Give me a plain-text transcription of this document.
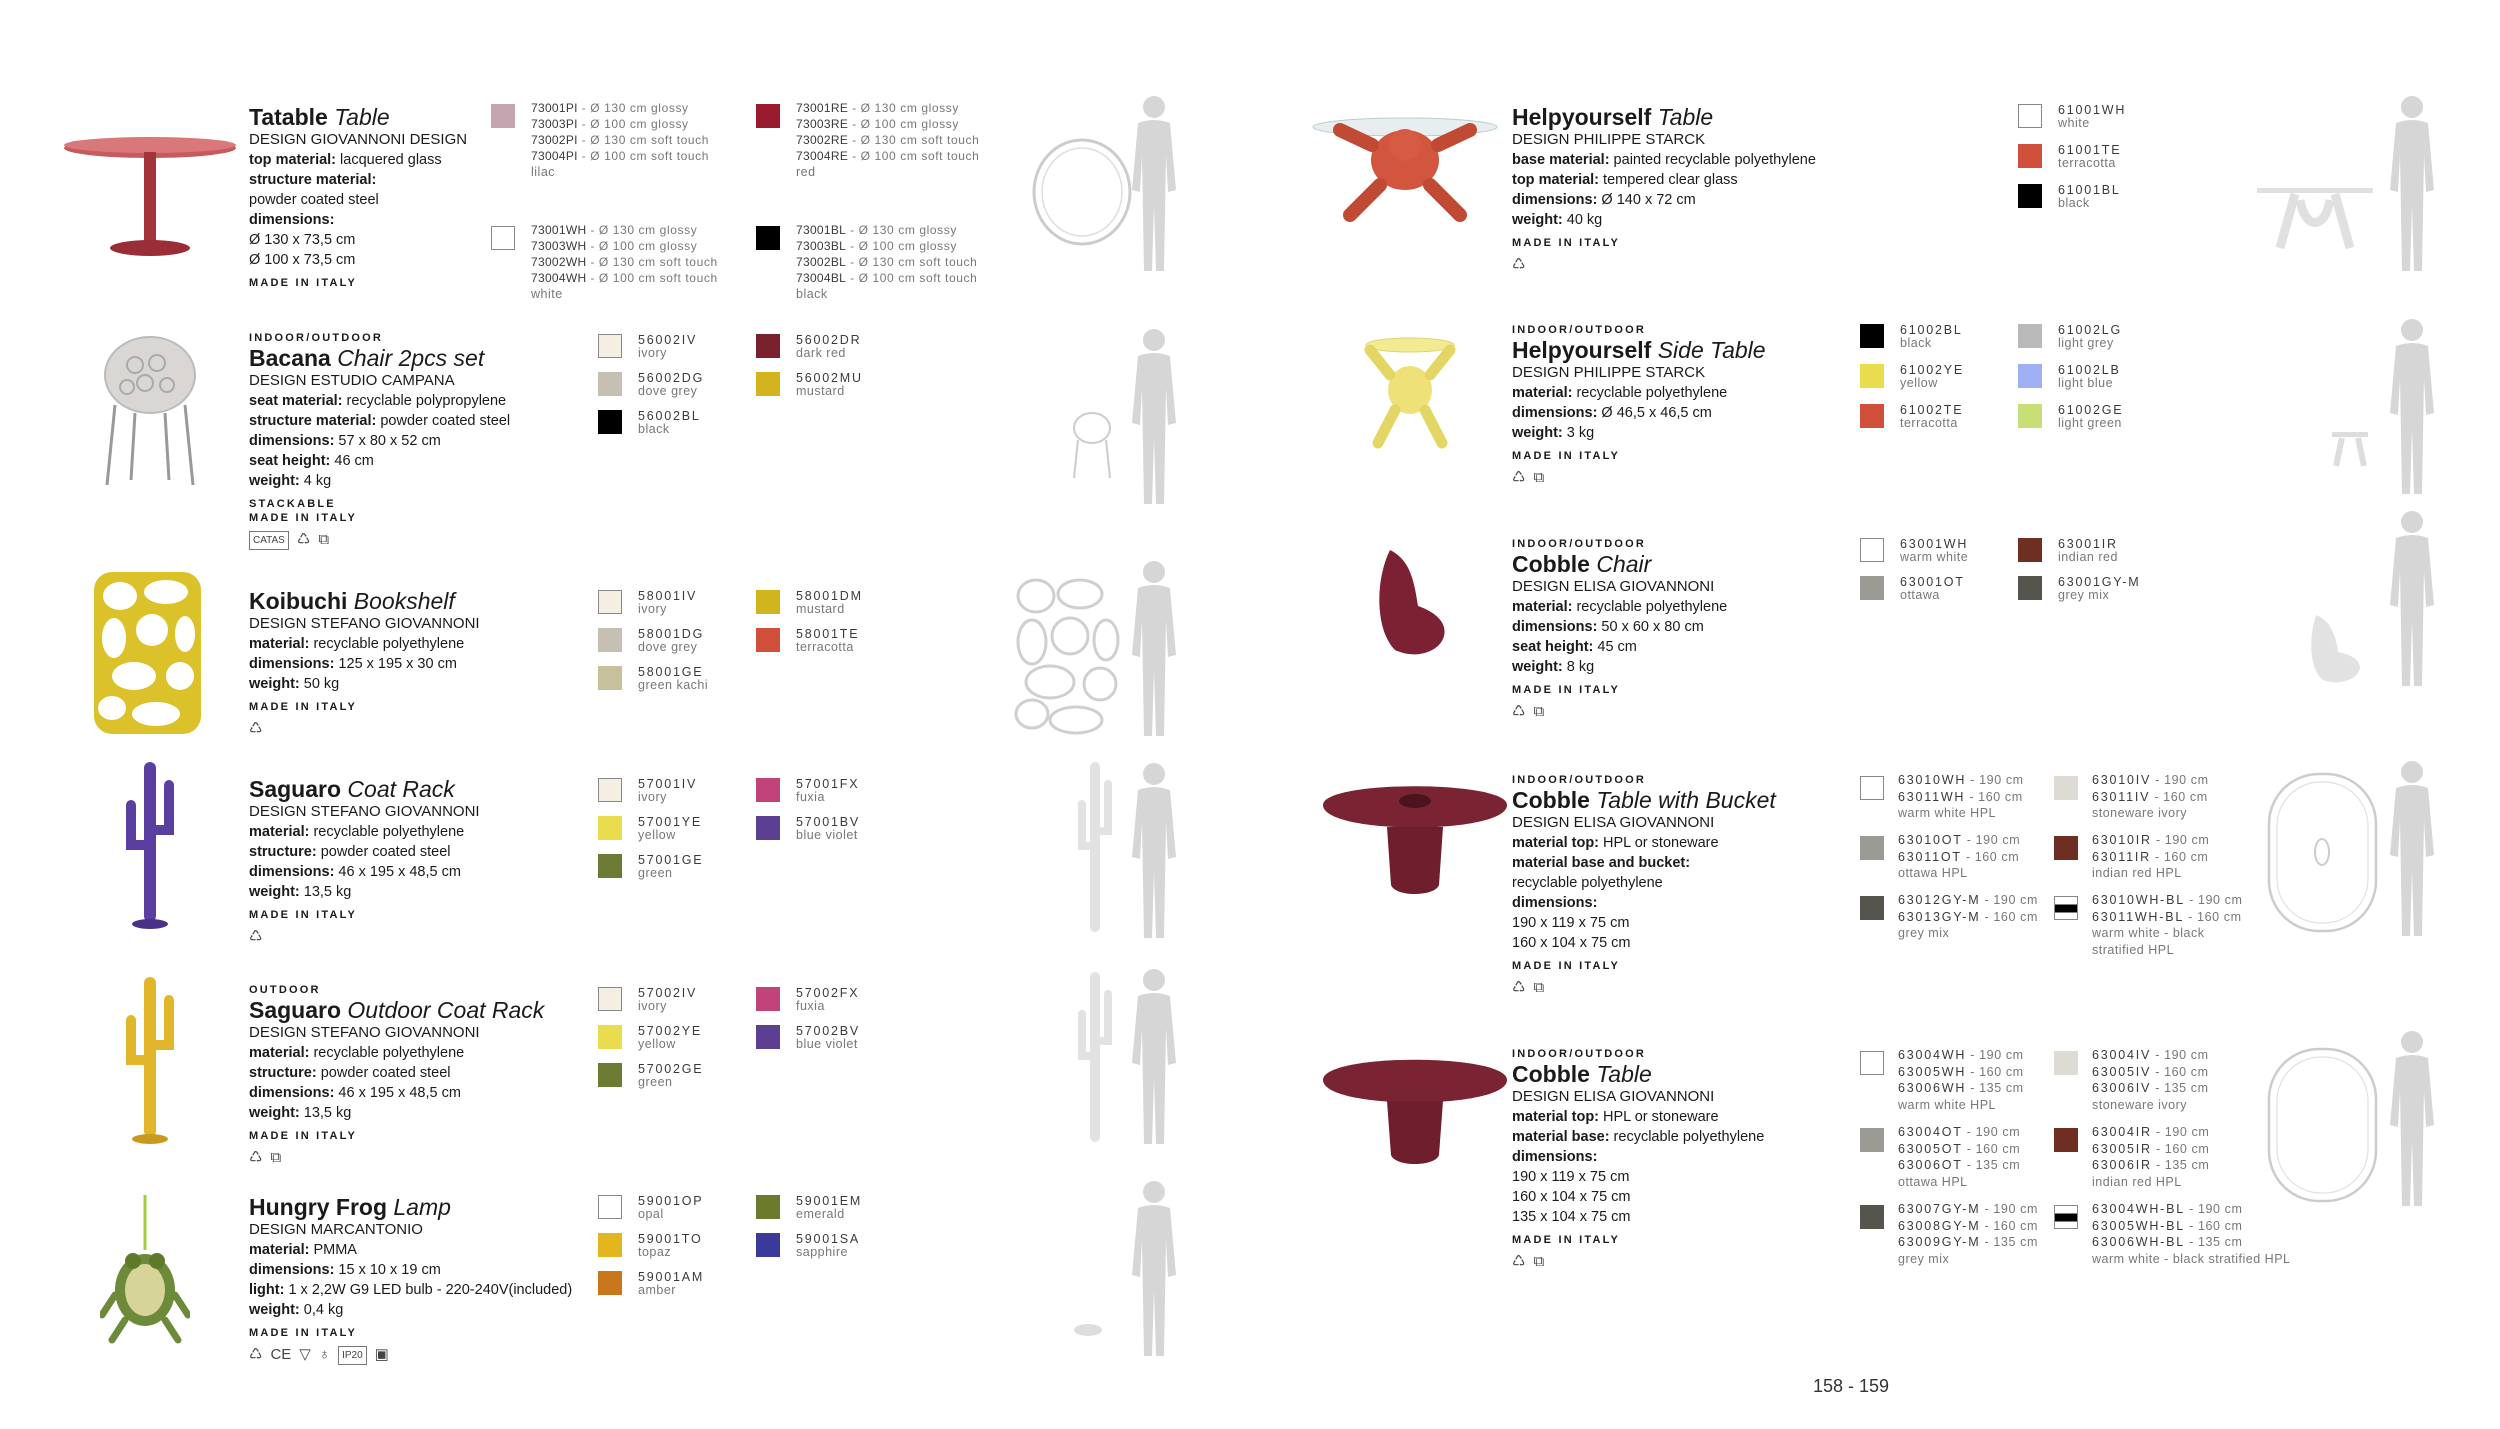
Tatable Table
DESIGN GIOVANNONI DESIGN
top material: lacquered glass
structure material:
powder coated steel
dimensions:
Ø 130 x 73,5 cm
Ø 100 x 73,5 cm
MADE IN ITALY
INDOOR/OUTDOOR
Bacana Chair 2pcs set
DESIGN ESTUDIO CAMPANA
seat material: recyclable polypropylene
structure material: powder coated steel
dimensions: 57 x 80 x 52 cm
seat height: 46 cm
weight: 4 kg
STACKABLE
MADE IN ITALY
CATAS ♺ ⧉
Koibuchi Bookshelf
DESIGN STEFANO GIOVANNONI
material: recyclable polyethylene
dimensions: 125 x 195 x 30 cm
weight: 50 kg
MADE IN ITALY
♺
Saguaro Coat Rack
DESIGN STEFANO GIOVANNONI
material: recyclable polyethylene
structure: powder coated steel
dimensions: 46 x 195 x 48,5 cm
weight: 13,5 kg
MADE IN ITALY
♺
OUTDOOR
Saguaro Outdoor Coat Rack
DESIGN STEFANO GIOVANNONI
material: recyclable polyethylene
structure: powder coated steel
dimensions: 46 x 195 x 48,5 cm
weight: 13,5 kg
MADE IN ITALY
♺ ⧉
Hungry Frog Lamp
DESIGN MARCANTONIO
material: PMMA
dimensions: 15 x 10 x 19 cm
light: 1 x 2,2W G9 LED bulb - 220-240V(included)
weight: 0,4 kg
MADE IN ITALY
♺ CE ▽ ♁	IP20 ▣
Helpyourself Table
DESIGN PHILIPPE STARCK
base material: painted recyclable polyethylene
top material: tempered clear glass
dimensions: Ø 140 x 72 cm
weight: 40 kg
MADE IN ITALY
♺
INDOOR/OUTDOOR
Helpyourself Side Table
DESIGN PHILIPPE STARCK
material: recyclable polyethylene
dimensions: Ø 46,5 x 46,5 cm
weight: 3 kg
MADE IN ITALY
♺ ⧉
INDOOR/OUTDOOR
Cobble Chair
DESIGN ELISA GIOVANNONI
material: recyclable polyethylene
dimensions: 50 x 60 x 80 cm
seat height: 45 cm
weight: 8 kg
MADE IN ITALY
♺ ⧉
INDOOR/OUTDOOR
Cobble Table with Bucket
DESIGN ELISA GIOVANNONI
material top: HPL or stoneware
material base and bucket:
recyclable polyethylene
dimensions:
190 x 119 x 75 cm
160 x 104 x 75 cm
MADE IN ITALY
♺ ⧉
INDOOR/OUTDOOR
Cobble Table
DESIGN ELISA GIOVANNONI
material top: HPL or stoneware
material base: recyclable polyethylene
dimensions:
190 x 119 x 75 cm
160 x 104 x 75 cm
135 x 104 x 75 cm
MADE IN ITALY
♺ ⧉
73001PI - Ø 130 cm glossy
73003PI - Ø 100 cm glossy
73002PI - Ø 130 cm soft touch
73004PI - Ø 100 cm soft touch
lilac
73001RE - Ø 130 cm glossy
73003RE - Ø 100 cm glossy
73002RE - Ø 130 cm soft touch
73004RE - Ø 100 cm soft touch
red
73001WH - Ø 130 cm glossy
73003WH - Ø 100 cm glossy
73002WH - Ø 130 cm soft touch
73004WH - Ø 100 cm soft touch
white
73001BL - Ø 130 cm glossy
73003BL - Ø 100 cm glossy
73002BL - Ø 130 cm soft touch
73004BL - Ø 100 cm soft touch
black
56002IV
ivory
56002DR
dark red
56002DG
dove grey
56002MU
mustard
56002BL
black
58001IV
ivory
58001DM
mustard
58001DG
dove grey
58001TE
terracotta
58001GE
green kachi
57001IV
ivory
57001FX
fuxia
57001YE
yellow
57001BV
blue violet
57001GE
green
57002IV
ivory
57002FX
fuxia
57002YE
yellow
57002BV
blue violet
57002GE
green
59001OP
opal
59001EM
emerald
59001TO
topaz
59001SA
sapphire
59001AM
amber
61001WH
white
61001TE
terracotta
61001BL
black
61002BL
black
61002LG
light grey
61002YE
yellow
61002LB
light blue
61002TE
terracotta
61002GE
light green
63001WH
warm white
63001IR
indian red
63001OT
ottawa
63001GY-M
grey mix
63010WH - 190 cm
63011WH - 160 cm
warm white HPL
63010IV - 190 cm
63011IV - 160 cm
stoneware ivory
63010OT - 190 cm
63011OT - 160 cm
ottawa HPL
63010IR - 190 cm
63011IR - 160 cm
indian red HPL
63012GY-M - 190 cm
63013GY-M - 160 cm
grey mix
63010WH-BL - 190 cm
63011WH-BL - 160 cm
warm white - black
stratified HPL
63004WH - 190 cm
63005WH - 160 cm
63006WH - 135 cm
warm white HPL
63004IV - 190 cm
63005IV - 160 cm
63006IV - 135 cm
stoneware ivory
63004OT - 190 cm
63005OT - 160 cm
63006OT - 135 cm
ottawa HPL
63004IR - 190 cm
63005IR - 160 cm
63006IR - 135 cm
indian red HPL
63007GY-M - 190 cm
63008GY-M - 160 cm
63009GY-M - 135 cm
grey mix
63004WH-BL - 190 cm
63005WH-BL - 160 cm
63006WH-BL - 135 cm
warm white - black stratified HPL
158 - 159
